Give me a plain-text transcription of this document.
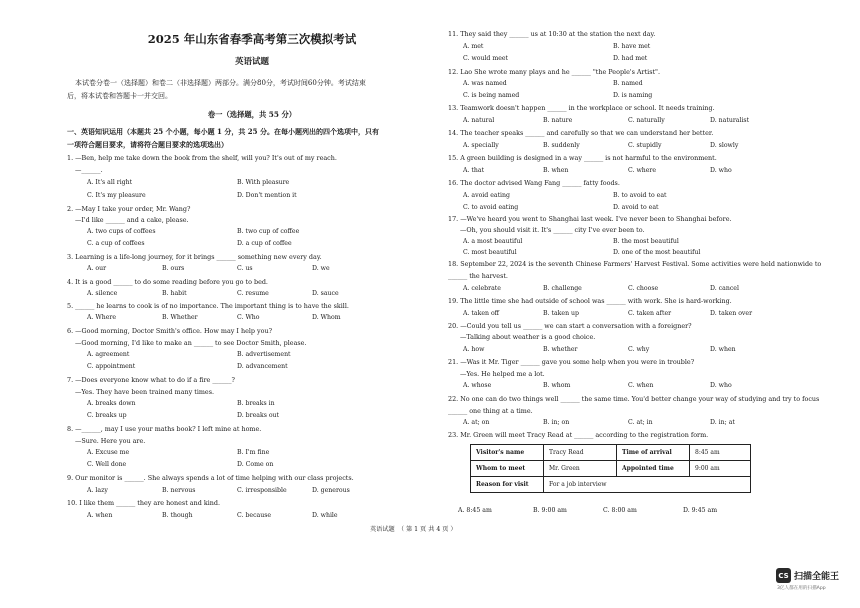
2025 年山东省春季高考第三次模拟考试
英语试题
本试卷分卷一（选择题）和卷二（非选择题）两部分。满分80分，考试时间60分钟。考试结束
后，将本试卷和答题卡一并交回。
卷一（选择题，共 55 分）
一、英语知识运用（本题共 25 个小题，每小题 1 分，共 25 分。在每小题列出的四个选项中，只有
一项符合题目要求，请将符合题目要求的选项选出）
1. —Ben, help me take down the book from the shelf, will you? It's out of my reach.
—______.
A. It's all right	B. With pleasure
C. It's my pleasure	D. Don't mention it
2. —May I take your order, Mr. Wang?
—I'd like ______ and a cake, please.
A. two cups of coffees	B. two cup of coffee
C. a cup of coffees	D. a cup of coffee
3. Learning is a life-long journey, for it brings ______ something new every day.
A. our	B. ours	C. us	D. we
4. It is a good ______ to do some reading before you go to bed.
A. silence	B. habit	C. resume	D. sauce
5. ______ he learns to cook is of no importance. The important thing is to have the skill.
A. Where	B. Whether	C. Who	D. Whom
6. —Good morning, Doctor Smith's office. How may I help you?
—Good morning, I'd like to make an ______ to see Doctor Smith, please.
A. agreement	B. advertisement
C. appointment	D. advancement
7. —Does everyone know what to do if a fire ______?
—Yes. They have been trained many times.
A. breaks down	B. breaks in
C. breaks up	D. breaks out
8. —______, may I use your maths book? I left mine at home.
—Sure. Here you are.
A. Excuse me	B. I'm fine
C. Well done	D. Come on
9. Our monitor is ______. She always spends a lot of time helping with our class projects.
A. lazy	B. nervous	C. irresponsible	D. generous
10. I like them ______ they are honest and kind.
A. when	B. though	C. because	D. while
11. They said they ______ us at 10:30 at the station the next day.
A. met	B. have met
C. would meet	D. had met
12. Lao She wrote many plays and he ______ "the People's Artist".
A. was named	B. named
C. is being named	D. is naming
13. Teamwork doesn't happen ______ in the workplace or school. It needs training.
A. natural	B. nature	C. naturally	D. naturalist
14. The teacher speaks ______ and carefully so that we can understand her better.
A. specially	B. suddenly	C. stupidly	D. slowly
15. A green building is designed in a way ______ is not harmful to the environment.
A. that	B. when	C. where	D. who
16. The doctor advised Wang Fang ______ fatty foods.
A. avoid eating	B. to avoid to eat
C. to avoid eating	D. avoid to eat
17. —We've heard you went to Shanghai last week. I've never been to Shanghai before.
—Oh, you should visit it. It's ______ city I've ever been to.
A. a most beautiful	B. the most beautiful
C. most beautiful	D. one of the most beautiful
18. September 22, 2024 is the seventh Chinese Farmers' Harvest Festival. Some activities were held nationwide to
______ the harvest.
A. celebrate	B. challenge	C. choose	D. cancel
19. The little time she had outside of school was ______ with work. She is hard-working.
A. taken off	B. taken up	C. taken after	D. taken over
20. —Could you tell us ______ we can start a conversation with a foreigner?
—Talking about weather is a good choice.
A. how	B. whether	C. why	D. when
21. —Was it Mr. Tiger ______ gave you some help when you were in trouble?
—Yes. He helped me a lot.
A. whose	B. whom	C. when	D. who
22. No one can do two things well ______ the same time. You'd better change your way of studying and try to focus
______ one thing at a time.
A. at; on	B. in; on	C. at; in	D. in; at
23. Mr. Green will meet Tracy Read at ______ according to the registration form.
Visitor's name	Tracy Read	Time of arrival	8:45 am
Whom to meet	Mr. Green	Appointed time	9:00 am
Reason for visit	For a job interview		
A. 8:45 am	B. 9:00 am	C. 8:00 am	D. 9:45 am
英语试题　（ 第 1 页 共 4 页 ）
CS 扫描全能王
3亿人都在用的扫描App
